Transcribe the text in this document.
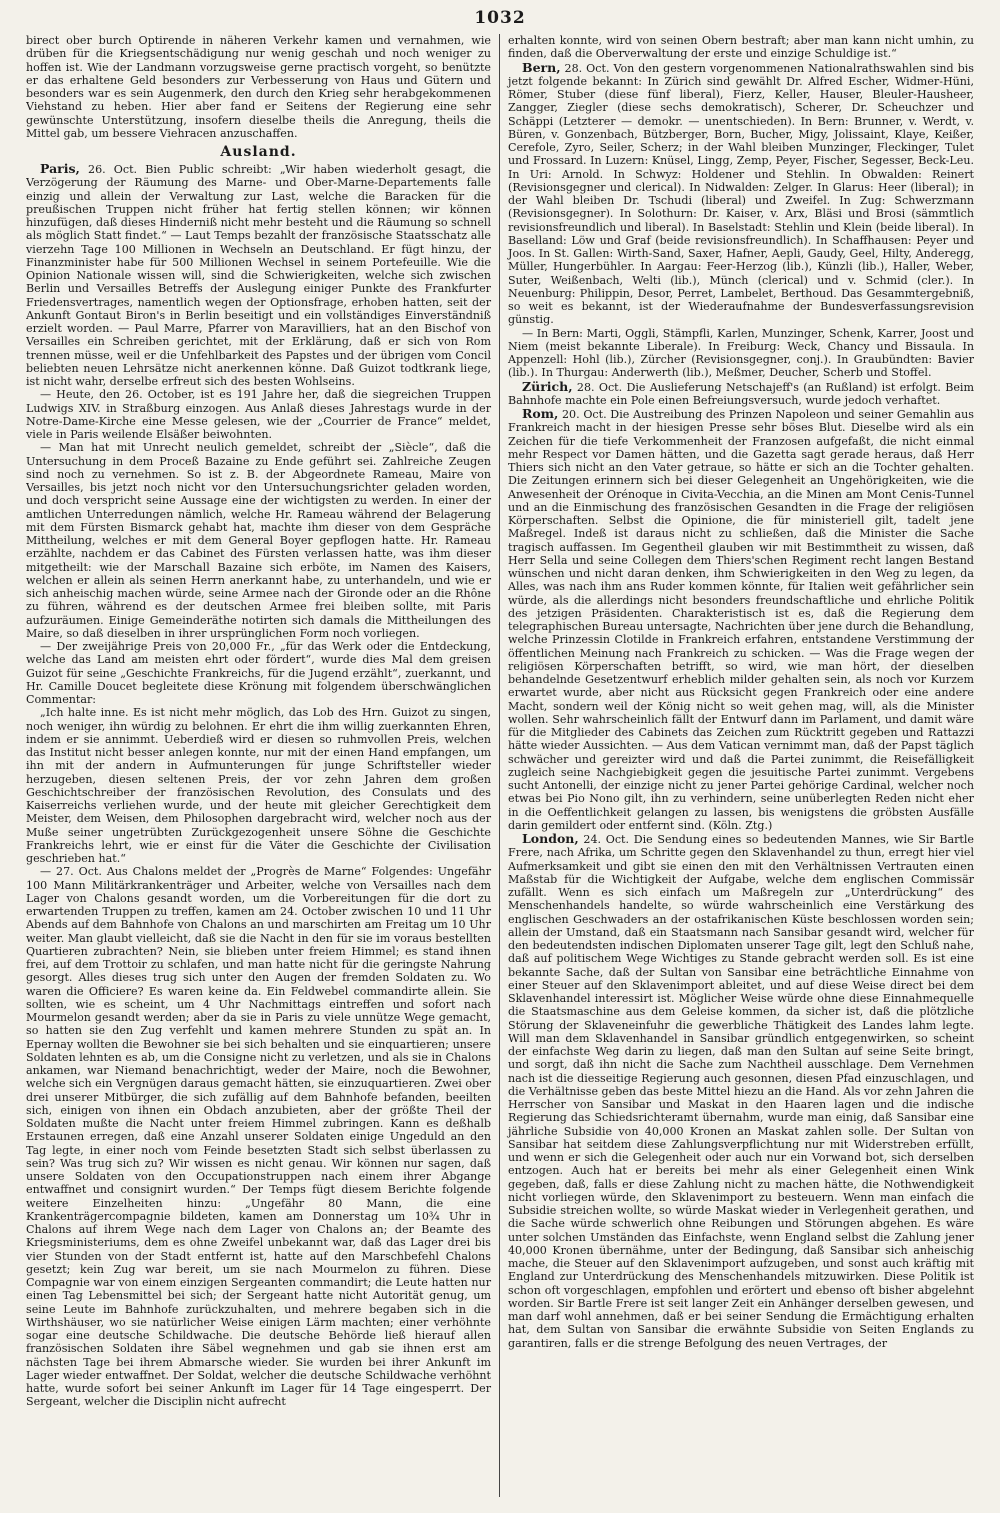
1032

birect ober burch Optirende in näheren Verkehr kamen und vernahmen, wie drüben für die Kriegsentschädigung nur wenig geschah und noch weniger zu hoffen ist. Wie der Landmann vorzugsweise gerne practisch vorgeht, so benützte er das erhaltene Geld besonders zur Verbesserung von Haus und Gütern und besonders war es sein Augenmerk, den durch den Krieg sehr herabgekommenen Viehstand zu heben. Hier aber fand er Seitens der Regierung eine sehr gewünschte Unterstützung, insofern dieselbe theils die Anregung, theils die Mittel gab, um bessere Viehracen anzuschaffen.

Ausland.

Paris, 26. Oct. Bien Public schreibt: „Wir haben wiederholt gesagt, die Verzögerung der Räumung des Marne- und Ober-Marne-Departements falle einzig und allein der Verwaltung zur Last, welche die Baracken für die preußischen Truppen nicht früher hat fertig stellen können; wir können hinzufügen, daß dieses Hinderniß nicht mehr besteht und die Räumung so schnell als möglich Statt findet.“ — Laut Temps bezahlt der französische Staatsschatz alle vierzehn Tage 100 Millionen in Wechseln an Deutschland. Er fügt hinzu, der Finanzminister habe für 500 Millionen Wechsel in seinem Portefeuille. Wie die Opinion Nationale wissen will, sind die Schwierigkeiten, welche sich zwischen Berlin und Versailles Betreffs der Auslegung einiger Punkte des Frankfurter Friedensvertrages, namentlich wegen der Optionsfrage, erhoben hatten, seit der Ankunft Gontaut Biron's in Berlin beseitigt und ein vollständiges Einverständniß erzielt worden. — Paul Marre, Pfarrer von Maravilliers, hat an den Bischof von Versailles ein Schreiben gerichtet, mit der Erklärung, daß er sich von Rom trennen müsse, weil er die Unfehlbarkeit des Papstes und der übrigen vom Concil beliebten neuen Lehrsätze nicht anerkennen könne. Daß Guizot todtkrank liege, ist nicht wahr, derselbe erfreut sich des besten Wohlseins.

— Heute, den 26. October, ist es 191 Jahre her, daß die siegreichen Truppen Ludwigs XIV. in Straßburg einzogen. Aus Anlaß dieses Jahrestags wurde in der Notre-Dame-Kirche eine Messe gelesen, wie der „Courrier de France“ meldet, viele in Paris weilende Elsäßer beiwohnten.

— Man hat mit Unrecht neulich gemeldet, schreibt der „Siècle“, daß die Untersuchung in dem Proceß Bazaine zu Ende geführt sei. Zahlreiche Zeugen sind noch zu vernehmen. So ist z. B. der Abgeordnete Rameau, Maire von Versailles, bis jetzt noch nicht vor den Untersuchungsrichter geladen worden, und doch verspricht seine Aussage eine der wichtigsten zu werden. In einer der amtlichen Unterredungen nämlich, welche Hr. Rameau während der Belagerung mit dem Fürsten Bismarck gehabt hat, machte ihm dieser von dem Gespräche Mittheilung, welches er mit dem General Boyer gepflogen hatte. Hr. Rameau erzählte, nachdem er das Cabinet des Fürsten verlassen hatte, was ihm dieser mitgetheilt: wie der Marschall Bazaine sich erböte, im Namen des Kaisers, welchen er allein als seinen Herrn anerkannt habe, zu unterhandeln, und wie er sich anheischig machen würde, seine Armee nach der Gironde oder an die Rhône zu führen, während es der deutschen Armee frei bleiben sollte, mit Paris aufzuräumen. Einige Gemeinderäthe notirten sich damals die Mittheilungen des Maire, so daß dieselben in ihrer ursprünglichen Form noch vorliegen.

— Der zweijährige Preis von 20,000 Fr., „für das Werk oder die Entdeckung, welche das Land am meisten ehrt oder fördert“, wurde dies Mal dem greisen Guizot für seine „Geschichte Frankreichs, für die Jugend erzählt“, zuerkannt, und Hr. Camille Doucet begleitete diese Krönung mit folgendem überschwänglichen Commentar:

„Ich halte inne. Es ist nicht mehr möglich, das Lob des Hrn. Guizot zu singen, noch weniger, ihn würdig zu belohnen. Er ehrt die ihm willig zuerkannten Ehren, indem er sie annimmt. Ueberdieß wird er diesen so ruhmvollen Preis, welchen das Institut nicht besser anlegen konnte, nur mit der einen Hand empfangen, um ihn mit der andern in Aufmunterungen für junge Schriftsteller wieder herzugeben, diesen seltenen Preis, der vor zehn Jahren dem großen Geschichtschreiber der französischen Revolution, des Consulats und des Kaiserreichs verliehen wurde, und der heute mit gleicher Gerechtigkeit dem Meister, dem Weisen, dem Philosophen dargebracht wird, welcher noch aus der Muße seiner ungetrübten Zurückgezogenheit unsere Söhne die Geschichte Frankreichs lehrt, wie er einst für die Väter die Geschichte der Civilisation geschrieben hat.“

— 27. Oct. Aus Chalons meldet der „Progrès de Marne“ Folgendes: Ungefähr 100 Mann Militärkrankenträger und Arbeiter, welche von Versailles nach dem Lager von Chalons gesandt worden, um die Vorbereitungen für die dort zu erwartenden Truppen zu treffen, kamen am 24. October zwischen 10 und 11 Uhr Abends auf dem Bahnhofe von Chalons an und marschirten am Freitag um 10 Uhr weiter. Man glaubt vielleicht, daß sie die Nacht in den für sie im voraus bestellten Quartieren zubrachten? Nein, sie blieben unter freiem Himmel; es stand ihnen frei, auf dem Trottoir zu schlafen, und man hatte nicht für die geringste Nahrung gesorgt. Alles dieses trug sich unter den Augen der fremden Soldaten zu. Wo waren die Officiere? Es waren keine da. Ein Feldwebel commandirte allein. Sie sollten, wie es scheint, um 4 Uhr Nachmittags eintreffen und sofort nach Mourmelon gesandt werden; aber da sie in Paris zu viele unnütze Wege gemacht, so hatten sie den Zug verfehlt und kamen mehrere Stunden zu spät an. In Epernay wollten die Bewohner sie bei sich behalten und sie einquartieren; unsere Soldaten lehnten es ab, um die Consigne nicht zu verletzen, und als sie in Chalons ankamen, war Niemand benachrichtigt, weder der Maire, noch die Bewohner, welche sich ein Vergnügen daraus gemacht hätten, sie einzuquartieren. Zwei ober drei unserer Mitbürger, die sich zufällig auf dem Bahnhofe befanden, beeilten sich, einigen von ihnen ein Obdach anzubieten, aber der größte Theil der Soldaten mußte die Nacht unter freiem Himmel zubringen. Kann es deßhalb Erstaunen erregen, daß eine Anzahl unserer Soldaten einige Ungeduld an den Tag legte, in einer noch vom Feinde besetzten Stadt sich selbst überlassen zu sein? Was trug sich zu? Wir wissen es nicht genau. Wir können nur sagen, daß unsere Soldaten von den Occupationstruppen nach einem ihrer Abgange entwaffnet und consignirt wurden.“ Der Temps fügt diesem Berichte folgende weitere Einzelheiten hinzu: „Ungefähr 80 Mann, die eine Krankenträgercompagnie bildeten, kamen am Donnerstag um 10¾ Uhr in Chalons auf ihrem Wege nach dem Lager von Chalons an; der Beamte des Kriegsministeriums, dem es ohne Zweifel unbekannt war, daß das Lager drei bis vier Stunden von der Stadt entfernt ist, hatte auf den Marschbefehl Chalons gesetzt; kein Zug war bereit, um sie nach Mourmelon zu führen. Diese Compagnie war von einem einzigen Sergeanten commandirt; die Leute hatten nur einen Tag Lebensmittel bei sich; der Sergeant hatte nicht Autorität genug, um seine Leute im Bahnhofe zurückzuhalten, und mehrere begaben sich in die Wirthshäuser, wo sie natürlicher Weise einigen Lärm machten; einer verhöhnte sogar eine deutsche Schildwache. Die deutsche Behörde ließ hierauf allen französischen Soldaten ihre Säbel wegnehmen und gab sie ihnen erst am nächsten Tage bei ihrem Abmarsche wieder. Sie wurden bei ihrer Ankunft im Lager wieder entwaffnet. Der Soldat, welcher die deutsche Schildwache verhöhnt hatte, wurde sofort bei seiner Ankunft im Lager für 14 Tage eingesperrt. Der Sergeant, welcher die Disciplin nicht aufrecht

erhalten konnte, wird von seinen Obern bestraft; aber man kann nicht umhin, zu finden, daß die Oberverwaltung der erste und einzige Schuldige ist.“

Bern, 28. Oct. Von den gestern vorgenommenen Nationalrathswahlen sind bis jetzt folgende bekannt: In Zürich sind gewählt Dr. Alfred Escher, Widmer-Hüni, Römer, Stuber (diese fünf liberal), Fierz, Keller, Hauser, Bleuler-Hausheer, Zangger, Ziegler (diese sechs demokratisch), Scherer, Dr. Scheuchzer und Schäppi (Letzterer — demokr. — unentschieden). In Bern: Brunner, v. Werdt, v. Büren, v. Gonzenbach, Bützberger, Born, Bucher, Migy, Jolissaint, Klaye, Keißer, Cerefole, Zyro, Seiler, Scherz; in der Wahl bleiben Munzinger, Fleckinger, Tulet und Frossard. In Luzern: Knüsel, Lingg, Zemp, Peyer, Fischer, Segesser, Beck-Leu. In Uri: Arnold. In Schwyz: Holdener und Stehlin. In Obwalden: Reinert (Revisionsgegner und clerical). In Nidwalden: Zelger. In Glarus: Heer (liberal); in der Wahl bleiben Dr. Tschudi (liberal) und Zweifel. In Zug: Schwerzmann (Revisionsgegner). In Solothurn: Dr. Kaiser, v. Arx, Bläsi und Brosi (sämmtlich revisionsfreundlich und liberal). In Baselstadt: Stehlin und Klein (beide liberal). In Baselland: Löw und Graf (beide revisionsfreundlich). In Schaffhausen: Peyer und Joos. In St. Gallen: Wirth-Sand, Saxer, Hafner, Aepli, Gaudy, Geel, Hilty, Anderegg, Müller, Hungerbühler. In Aargau: Feer-Herzog (lib.), Künzli (lib.), Haller, Weber, Suter, Weißenbach, Welti (lib.), Münch (clerical) und v. Schmid (cler.). In Neuenburg: Philippin, Desor, Perret, Lambelet, Berthoud. Das Gesammtergebniß, so weit es bekannt, ist der Wiederaufnahme der Bundesverfassungsrevision günstig.

— In Bern: Marti, Oggli, Stämpfli, Karlen, Munzinger, Schenk, Karrer, Joost und Niem (meist bekannte Liberale). In Freiburg: Weck, Chancy und Bissaula. In Appenzell: Hohl (lib.), Zürcher (Revisionsgegner, conj.). In Graubündten: Bavier (lib.). In Thurgau: Anderwerth (lib.), Meßmer, Deucher, Scherb und Stoffel.

Zürich, 28. Oct. Die Auslieferung Netschajeff's (an Rußland) ist erfolgt. Beim Bahnhofe machte ein Pole einen Befreiungsversuch, wurde jedoch verhaftet.

Rom, 20. Oct. Die Austreibung des Prinzen Napoleon und seiner Gemahlin aus Frankreich macht in der hiesigen Presse sehr böses Blut. Dieselbe wird als ein Zeichen für die tiefe Verkommenheit der Franzosen aufgefaßt, die nicht einmal mehr Respect vor Damen hätten, und die Gazetta sagt gerade heraus, daß Herr Thiers sich nicht an den Vater getraue, so hätte er sich an die Tochter gehalten. Die Zeitungen erinnern sich bei dieser Gelegenheit an Ungehörigkeiten, wie die Anwesenheit der Orénoque in Civita-Vecchia, an die Minen am Mont Cenis-Tunnel und an die Einmischung des französischen Gesandten in die Frage der religiösen Körperschaften. Selbst die Opinione, die für ministeriell gilt, tadelt jene Maßregel. Indeß ist daraus nicht zu schließen, daß die Minister die Sache tragisch auffassen. Im Gegentheil glauben wir mit Bestimmtheit zu wissen, daß Herr Sella und seine Collegen dem Thiers'schen Regiment recht langen Bestand wünschen und nicht daran denken, ihm Schwierigkeiten in den Weg zu legen, da Alles, was nach ihm ans Ruder kommen könnte, für Italien weit gefährlicher sein würde, als die allerdings nicht besonders freundschaftliche und ehrliche Politik des jetzigen Präsidenten. Charakteristisch ist es, daß die Regierung dem telegraphischen Bureau untersagte, Nachrichten über jene durch die Behandlung, welche Prinzessin Clotilde in Frankreich erfahren, entstandene Verstimmung der öffentlichen Meinung nach Frankreich zu schicken. — Was die Frage wegen der religiösen Körperschaften betrifft, so wird, wie man hört, der dieselben behandelnde Gesetzentwurf erheblich milder gehalten sein, als noch vor Kurzem erwartet wurde, aber nicht aus Rücksicht gegen Frankreich oder eine andere Macht, sondern weil der König nicht so weit gehen mag, will, als die Minister wollen. Sehr wahrscheinlich fällt der Entwurf dann im Parlament, und damit wäre für die Mitglieder des Cabinets das Zeichen zum Rücktritt gegeben und Rattazzi hätte wieder Aussichten. — Aus dem Vatican vernimmt man, daß der Papst täglich schwächer und gereizter wird und daß die Partei zunimmt, die Reisefälligkeit zugleich seine Nachgiebigkeit gegen die jesuitische Partei zunimmt. Vergebens sucht Antonelli, der einzige nicht zu jener Partei gehörige Cardinal, welcher noch etwas bei Pio Nono gilt, ihn zu verhindern, seine unüberlegten Reden nicht eher in die Oeffentlichkeit gelangen zu lassen, bis wenigstens die gröbsten Ausfälle darin gemildert oder entfernt sind. (Köln. Ztg.)

London, 24. Oct. Die Sendung eines so bedeutenden Mannes, wie Sir Bartle Frere, nach Afrika, um Schritte gegen den Sklavenhandel zu thun, erregt hier viel Aufmerksamkeit und gibt sie einen den mit den Verhältnissen Vertrauten einen Maßstab für die Wichtigkeit der Aufgabe, welche dem englischen Commissär zufällt. Wenn es sich einfach um Maßregeln zur „Unterdrückung“ des Menschenhandels handelte, so würde wahrscheinlich eine Verstärkung des englischen Geschwaders an der ostafrikanischen Küste beschlossen worden sein; allein der Umstand, daß ein Staatsmann nach Sansibar gesandt wird, welcher für den bedeutendsten indischen Diplomaten unserer Tage gilt, legt den Schluß nahe, daß auf politischem Wege Wichtiges zu Stande gebracht werden soll. Es ist eine bekannte Sache, daß der Sultan von Sansibar eine beträchtliche Einnahme von einer Steuer auf den Sklavenimport ableitet, und auf diese Weise direct bei dem Sklavenhandel interessirt ist. Möglicher Weise würde ohne diese Einnahmequelle die Staatsmaschine aus dem Geleise kommen, da sicher ist, daß die plötzliche Störung der Sklaveneinfuhr die gewerbliche Thätigkeit des Landes lahm legte. Will man dem Sklavenhandel in Sansibar gründlich entgegenwirken, so scheint der einfachste Weg darin zu liegen, daß man den Sultan auf seine Seite bringt, und sorgt, daß ihn nicht die Sache zum Nachtheil ausschlage. Dem Vernehmen nach ist die diesseitige Regierung auch gesonnen, diesen Pfad einzuschlagen, und die Verhältnisse geben das beste Mittel hiezu an die Hand. Als vor zehn Jahren die Herrscher von Sansibar und Maskat in den Haaren lagen und die indische Regierung das Schiedsrichteramt übernahm, wurde man einig, daß Sansibar eine jährliche Subsidie von 40,000 Kronen an Maskat zahlen solle. Der Sultan von Sansibar hat seitdem diese Zahlungsverpflichtung nur mit Widerstreben erfüllt, und wenn er sich die Gelegenheit oder auch nur ein Vorwand bot, sich derselben entzogen. Auch hat er bereits bei mehr als einer Gelegenheit einen Wink gegeben, daß, falls er diese Zahlung nicht zu machen hätte, die Nothwendigkeit nicht vorliegen würde, den Sklavenimport zu besteuern. Wenn man einfach die Subsidie streichen wollte, so würde Maskat wieder in Verlegenheit gerathen, und die Sache würde schwerlich ohne Reibungen und Störungen abgehen. Es wäre unter solchen Umständen das Einfachste, wenn England selbst die Zahlung jener 40,000 Kronen übernähme, unter der Bedingung, daß Sansibar sich anheischig mache, die Steuer auf den Sklavenimport aufzugeben, und sonst auch kräftig mit England zur Unterdrückung des Menschenhandels mitzuwirken. Diese Politik ist schon oft vorgeschlagen, empfohlen und erörtert und ebenso oft bisher abgelehnt worden. Sir Bartle Frere ist seit langer Zeit ein Anhänger derselben gewesen, und man darf wohl annehmen, daß er bei seiner Sendung die Ermächtigung erhalten hat, dem Sultan von Sansibar die erwähnte Subsidie von Seiten Englands zu garantiren, falls er die strenge Befolgung des neuen Vertrages, der
